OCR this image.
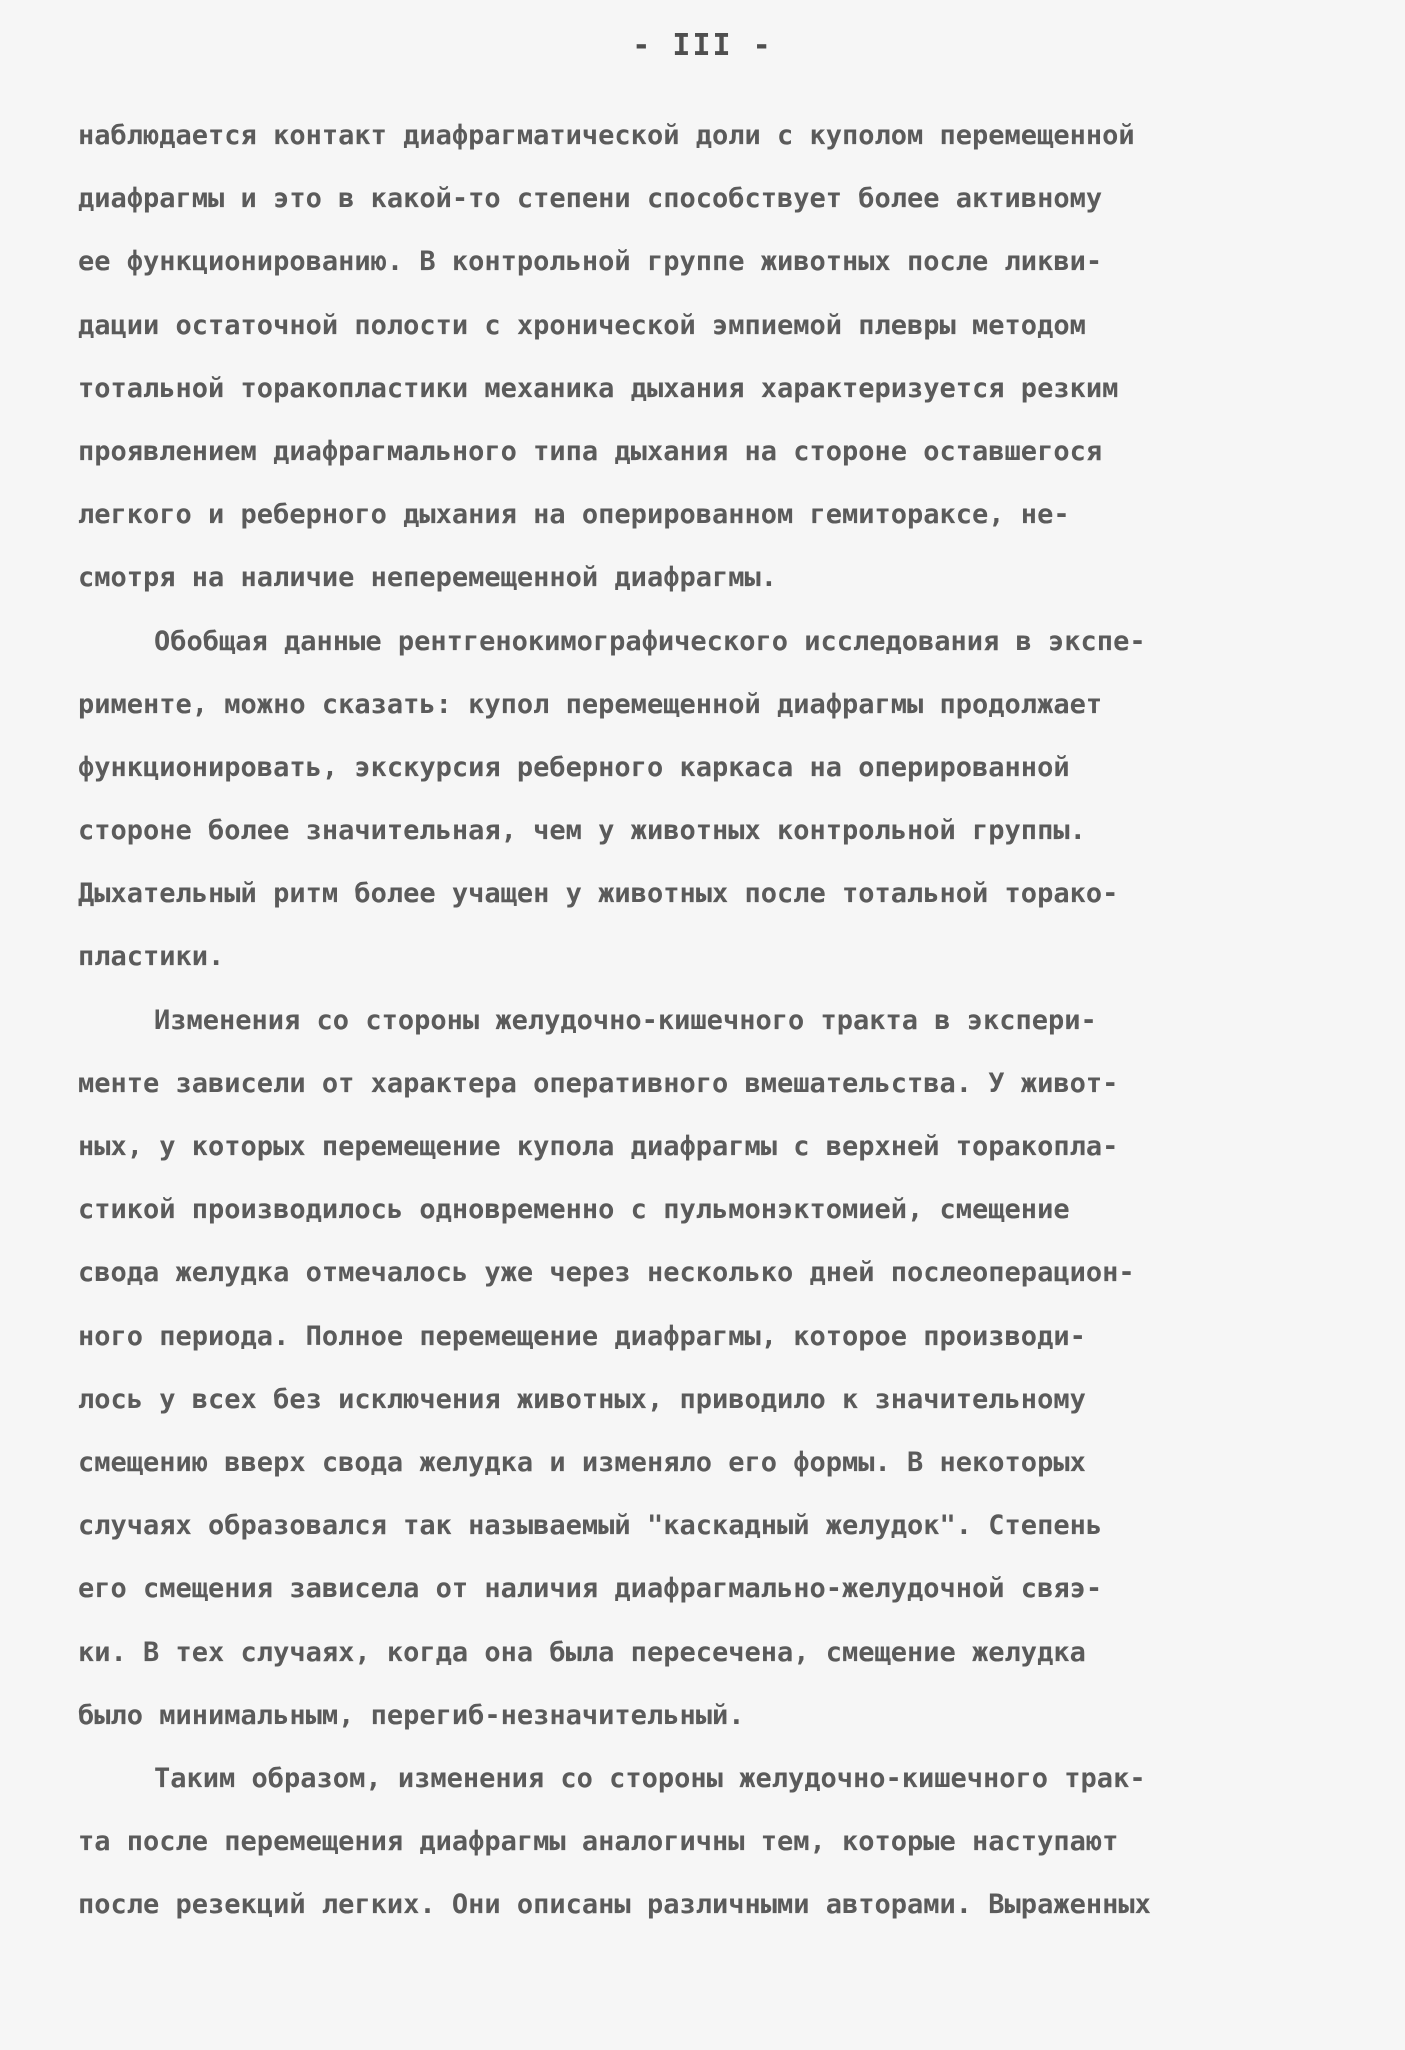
- III -
наблюдается контакт диафрагматической доли с куполом перемещенной
диафрагмы и это в какой-то степени способствует более активному
ее функционированию. В контрольной группе животных после ликви-
дации остаточной полости с хронической эмпиемой плевры методом
тотальной торакопластики механика дыхания характеризуется резким
проявлением диафрагмального типа дыхания на стороне оставшегося
легкого и реберного дыхания на оперированном гемитораксе, не-
смотря на наличие неперемещенной диафрагмы.
Обобщая данные рентгенокимографического исследования в экспе-
рименте, можно сказать: купол перемещенной диафрагмы продолжает
функционировать, экскурсия реберного каркаса на оперированной
стороне более значительная, чем у животных контрольной группы.
Дыхательный ритм более учащен у животных после тотальной торако-
пластики.
Изменения со стороны желудочно-кишечного тракта в экспери-
менте зависели от характера оперативного вмешательства. У живот-
ных, у которых перемещение купола диафрагмы с верхней торакопла-
стикой производилось одновременно с пульмонэктомией, смещение
свода желудка отмечалось уже через несколько дней послеоперацион-
ного периода. Полное перемещение диафрагмы, которое производи-
лось у всех без исключения животных, приводило к значительному
смещению вверх свода желудка и изменяло его формы. В некоторых
случаях образовался так называемый "каскадный желудок". Степень
его смещения зависела от наличия диафрагмально-желудочной свяэ-
ки. В тех случаях, когда она была пересечена, смещение желудка
было минимальным, перегиб-незначительный.
Таким образом, изменения со стороны желудочно-кишечного трак-
та после перемещения диафрагмы аналогичны тем, которые наступают
после резекций легких. Они описаны различными авторами. Выраженных
